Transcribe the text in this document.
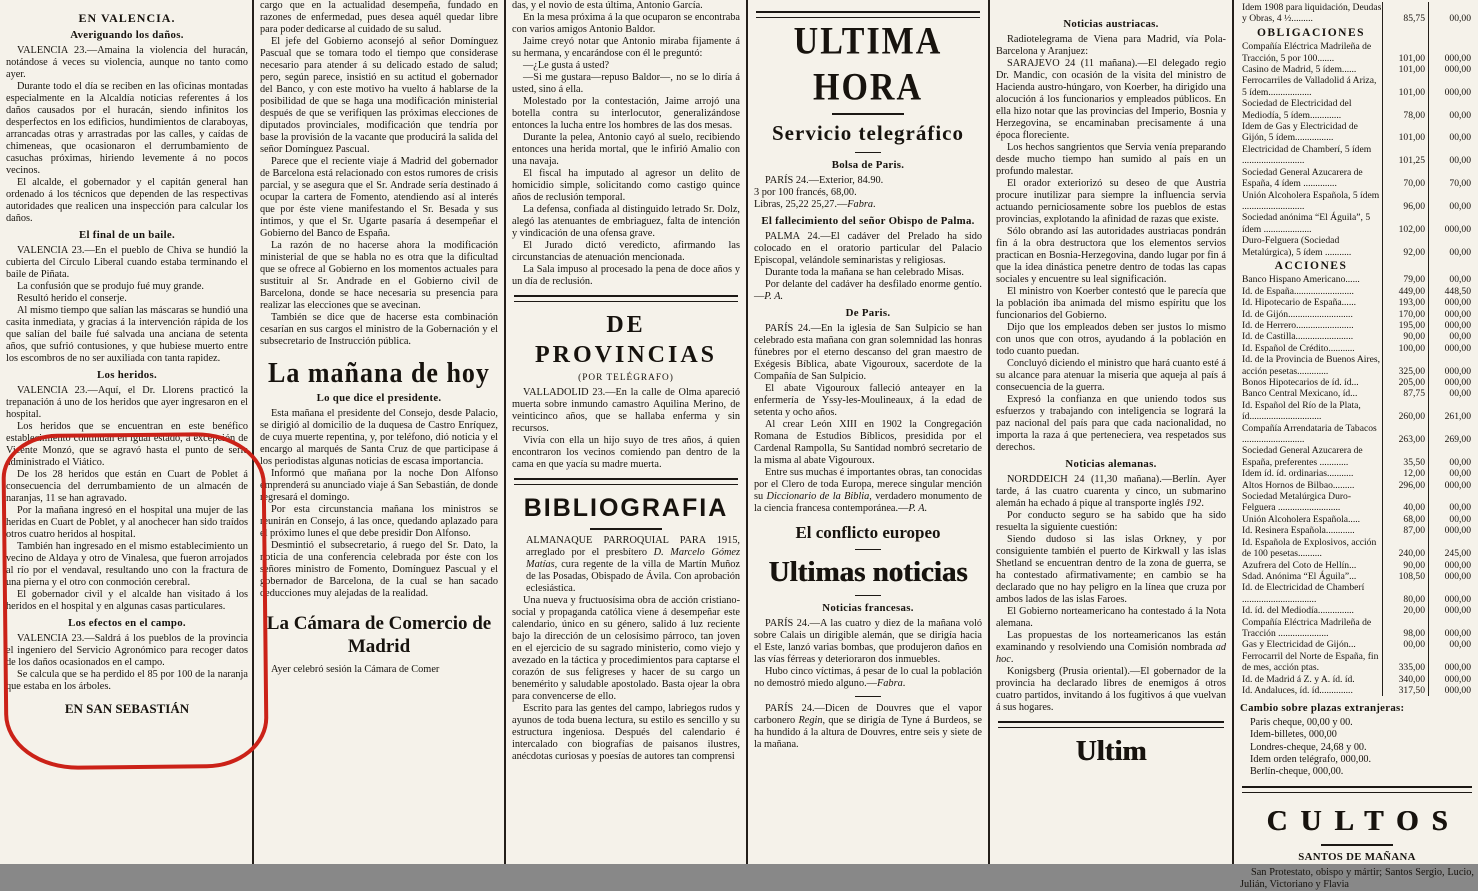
EN VALENCIA.
Averiguando los daños.

VALENCIA 23.—Amaina la violencia del huracán, notándose á veces su violencia, aunque no tanto como ayer.

Durante todo el día se reciben en las oficinas montadas especialmente en la Alcaldía noticias referentes á los daños causados por el huracán, siendo infinitos los desperfectos en los edificios, hundimientos de claraboyas, arrancadas otras y arrastradas por las calles, y caídas de chimeneas, que ocasionaron el derrumbamiento de casuchas próximas, hiriendo levemente á no pocos vecinos.

El alcalde, el gobernador y el capitán general han ordenado á los técnicos que dependen de las respectivas autoridades que realicen una inspección para calcular los daños.

El final de un baile.

VALENCIA 23.—En el pueblo de Chiva se hundió la cubierta del Círculo Liberal cuando estaba terminando el baile de Piñata.

La confusión que se produjo fué muy grande.

Resultó herido el conserje.

Al mismo tiempo que salían las máscaras se hundió una casita inmediata, y gracias á la intervención rápida de los que salían del baile fué salvada una anciana de setenta años, que sufrió contusiones, y que hubiese muerto entre los escombros de no ser auxiliada con tanta rapidez.

Los heridos.

VALENCIA 23.—Aquí, el Dr. Llorens practicó la trepanación á uno de los heridos que ayer ingresaron en el hospital.

Los heridos que se encuentran en este benéfico establecimiento continúan en igual estado, á excepción de Vicente Monzó, que se agravó hasta el punto de serle administrado el Viático.

De los 28 heridos que están en Cuart de Poblet á consecuencia del derrumbamiento de un almacén de naranjas, 11 se han agravado.

Por la mañana ingresó en el hospital una mujer de las heridas en Cuart de Poblet, y al anochecer han sido traídos otros cuatro heridos al hospital.

También han ingresado en el mismo establecimiento un vecino de Aldaya y otro de Vinalesa, que fueron arrojados al río por el vendaval, resultando uno con la fractura de una pierna y el otro con conmoción cerebral.

El gobernador civil y el alcalde han visitado á los heridos en el hospital y en algunas casas particulares.

Los efectos en el campo.

VALENCIA 23.—Saldrá á los pueblos de la provincia el ingeniero del Servicio Agronómico para recoger datos de los daños ocasionados en el campo.

Se calcula que se ha perdido el 85 por 100 de la naranja que estaba en los árboles.

EN SAN SEBASTIÁN

cargo que en la actualidad desempeña, fundado en razones de enfermedad, pues desea aquél quedar libre para poder dedicarse al cuidado de su salud.

El jefe del Gobierno aconsejó al señor Domínguez Pascual que se tomara todo el tiempo que considerase necesario para atender á su delicado estado de salud; pero, según parece, insistió en su actitud el gobernador del Banco, y con este motivo ha vuelto á hablarse de la posibilidad de que se haga una modificación ministerial después de que se verifiquen las próximas elecciones de diputados provinciales, modificación que tendría por base la provisión de la vacante que producirá la salida del señor Domínguez Pascual.

Parece que el reciente viaje á Madrid del gobernador de Barcelona está relacionado con estos rumores de crisis parcial, y se asegura que el Sr. Andrade sería destinado á ocupar la cartera de Fomento, atendiendo así al interés que por éste viene manifestando el Sr. Besada y sus íntimos, y que el Sr. Ugarte pasaría á desempeñar el Gobierno del Banco de España.

La razón de no hacerse ahora la modificación ministerial de que se habla no es otra que la dificultad que se ofrece al Gobierno en los momentos actuales para sustituir al Sr. Andrade en el Gobierno civil de Barcelona, donde se hace necesaria su presencia para realizar las elecciones que se avecinan.

También se dice que de hacerse esta combinación cesarían en sus cargos el ministro de la Gobernación y el subsecretario de Instrucción pública.

La mañana de hoy
Lo que dice el presidente.

Esta mañana el presidente del Consejo, desde Palacio, se dirigió al domicilio de la duquesa de Castro Enríquez, de cuya muerte repentina, y, por teléfono, dió noticia y el encargo al marqués de Santa Cruz de que participase á los periodistas algunas noticias de escasa importancia.

Informó que mañana por la noche Don Alfonso emprenderá su anunciado viaje á San Sebastián, de donde regresará el domingo.

Por esta circunstancia mañana los ministros se reunirán en Consejo, á las once, quedando aplazado para el próximo lunes el que debe presidir Don Alfonso.

Desmintió el subsecretario, á ruego del Sr. Dato, la noticia de una conferencia celebrada por éste con los señores ministro de Fomento, Domínguez Pascual y el gobernador de Barcelona, de la cual se han sacado deducciones muy alejadas de la realidad.

La Cámara de Comercio de Madrid

Ayer celebró sesión la Cámara de Comer

das, y el novio de esta última, Antonio García.

En la mesa próxima á la que ocuparon se encontraba con varios amigos Antonio Baldor.

Jaime creyó notar que Antonio miraba fijamente á su hermana, y encarándose con él le preguntó:

—¿Le gusta á usted?

—Si me gustara—repuso Baldor—, no se lo diría á usted, sino á ella.

Molestado por la contestación, Jaime arrojó una botella contra su interlocutor, generalizándose entonces la lucha entre los hombres de las dos mesas.

Durante la pelea, Antonio cayó al suelo, recibiendo entonces una herida mortal, que le infirió Amalio con una navaja.

El fiscal ha imputado al agresor un delito de homicidio simple, solicitando como castigo quince años de reclusión temporal.

La defensa, confiada al distinguido letrado Sr. Dolz, alegó las atenuantes de embriaguez, falta de intención y vindicación de una ofensa grave.

El Jurado dictó veredicto, afirmando las circunstancias de atenuación mencionada.

La Sala impuso al procesado la pena de doce años y un día de reclusión.

DE PROVINCIAS
(POR TELÉGRAFO)

VALLADOLID 23.—En la calle de Olma apareció muerta sobre inmundo camastro Aquilina Merino, de veinticinco años, que se hallaba enferma y sin recursos.

Vivía con ella un hijo suyo de tres años, á quien encontraron los vecinos comiendo pan dentro de la cama en que yacía su madre muerta.

BIBLIOGRAFIA

ALMANAQUE PARROQUIAL PARA 1915, arreglado por el presbítero D. Marcelo Gómez Matías, cura regente de la villa de Martín Muñoz de las Posadas, Obispado de Ávila. Con aprobación eclesiástica.

Una nueva y fructuosísima obra de acción cristiano-social y propaganda católica viene á desempeñar este calendario, único en su género, salido á luz reciente bajo la dirección de un celosísimo párroco, tan joven en el ejercicio de su sagrado ministerio, como viejo y avezado en la táctica y procedimientos para captarse el corazón de sus feligreses y hacer de su cargo un benemérito y saludable apostolado. Basta ojear la obra para convencerse de ello.

Escrito para las gentes del campo, labriegos rudos y ayunos de toda buena lectura, su estilo es sencillo y su estructura ingeniosa. Después del calendario é intercalado con biografías de paisanos ilustres, anécdotas curiosas y poesías de autores tan comprensi

ULTIMA HORA
Servicio telegráfico
Bolsa de Paris.

PARÍS 24.—Exterior, 84.90.

3 por 100 francés, 68,00.

Libras, 25,22 25,27.—Fabra.

El fallecimiento del señor Obispo de Palma.

PALMA 24.—El cadáver del Prelado ha sido colocado en el oratorio particular del Palacio Episcopal, velándole seminaristas y religiosas.

Durante toda la mañana se han celebrado Misas.

Por delante del cadáver ha desfilado enorme gentío.—P. A.

De Paris.

PARÍS 24.—En la iglesia de San Sulpicio se han celebrado esta mañana con gran solemnidad las honras fúnebres por el eterno descanso del gran maestro de Exégesis Bíblica, abate Vigouroux, sacerdote de la Compañía de San Sulpicio.

El abate Vigouroux falleció anteayer en la enfermería de Yssy-les-Moulineaux, á la edad de setenta y ocho años.

Al crear León XIII en 1902 la Congregación Romana de Estudios Bíblicos, presidida por el Cardenal Rampolla, Su Santidad nombró secretario de la misma al abate Vigouroux.

Entre sus muchas é importantes obras, tan conocidas por el Clero de toda Europa, merece singular mención su Diccionario de la Biblia, verdadero monumento de la ciencia francesa contemporánea.—P. A.

El conflicto europeo
Ultimas noticias
Noticias francesas.

PARÍS 24.—A las cuatro y diez de la mañana voló sobre Calais un dirigible alemán, que se dirigía hacia el Este, lanzó varias bombas, que produjeron daños en las vías férreas y deterioraron dos inmuebles.

Hubo cinco víctimas, á pesar de lo cual la población no demostró miedo alguno.—Fabra.

PARÍS 24.—Dicen de Douvres que el vapor carbonero Regin, que se dirigía de Tyne á Burdeos, se ha hundido á la altura de Douvres, entre seis y siete de la mañana.

Noticias austriacas.

Radiotelegrama de Viena para Madrid, vía Pola-Barcelona y Aranjuez:

SARAJEVO 24 (11 mañana).—El delegado regio Dr. Mandic, con ocasión de la visita del ministro de Hacienda austro-húngaro, von Koerber, ha dirigido una alocución á los funcionarios y empleados públicos. En ella hizo notar que las provincias del Imperio, Bosnia y Herzegovina, se encaminaban precisamente á una época floreciente.

Los hechos sangrientos que Servia venía preparando desde mucho tiempo han sumido al país en un profundo malestar.

El orador exteriorizó su deseo de que Austria procure inutilizar para siempre la influencia servia actuando perniciosamente sobre los pueblos de estas provincias, explotando la afinidad de razas que existe.

Sólo obrando así las autoridades austriacas pondrán fin á la obra destructora que los elementos servios practican en Bosnia-Herzegovina, dando lugar por fin á que la idea dinástica penetre dentro de todas las capas sociales y encuentre su leal significación.

El ministro von Koerber contestó que le parecía que la población iba animada del mismo espíritu que los funcionarios del Gobierno.

Dijo que los empleados deben ser justos lo mismo con unos que con otros, ayudando á la población en todo cuanto puedan.

Concluyó diciendo el ministro que hará cuanto esté á su alcance para atenuar la miseria que aqueja al país á consecuencia de la guerra.

Expresó la confianza en que uniendo todos sus esfuerzos y trabajando con inteligencia se logrará la paz nacional del país para que cada nacionalidad, no importa la raza á que perteneciera, vea respetados sus derechos.

Noticias alemanas.

NORDDEICH 24 (11,30 mañana).—Berlín. Ayer tarde, á las cuatro cuarenta y cinco, un submarino alemán ha echado á pique al transporte inglés 192.

Por conducto seguro se ha sabido que ha sido resuelta la siguiente cuestión:

Siendo dudoso si las islas Orkney, y por consiguiente también el puerto de Kirkwall y las islas Shetland se encuentran dentro de la zona de guerra, se ha contestado afirmativamente; en cambio se ha declarado que no hay peligro en la línea que cruza por ambos lados de las islas Faroes.

El Gobierno norteamericano ha contestado á la Nota alemana.

Las propuestas de los norteamericanos las están examinando y resolviendo una Comisión nombrada ad hoc.

Konigsberg (Prusia oriental).—El gobernador de la provincia ha declarado libres de enemigos á otros cuatro partidos, invitando á los fugitivos á que vuelvan á sus hogares.

Ultim
Idem 1908 para liquidación, Deudas y Obras, 4 ½.........	85,75	00,00
OBLIGACIONES
Compañía Eléctrica Madrileña de Tracción, 5 por 100.......	101,00	000,00
Casino de Madrid, 5 ídem......	101,00	000,00
Ferrocarriles de Valladolid á Ariza, 5 ídem..................	101,00	000,00
Sociedad de Electricidad del Mediodía, 5 ídem.............	78,00	00,00
Idem de Gas y Electricidad de Gijón, 5 ídem................	101,00	00,00
Electricidad de Chamberí, 5 ídem ..........................	101,25	00,00
Sociedad General Azucarera de España, 4 ídem ..............	70,00	70,00
Unión Alcoholera Española, 5 ídem ..........................	96,00	00,00
Sociedad anónima “El Águila”, 5 ídem ....................	102,00	000,00
Duro-Felguera (Sociedad Metalúrgica), 5 ídem ...........	92,00	00,00
ACCIONES
Banco Hispano Americano......	79,00	00,00
Id. de España.........................	449,00	448,50
Id. Hipotecario de España......	193,00	000,00
Id. de Gijón...........................	170,00	000,00
Id. de Herrero........................	195,00	000,00
Id. de Castilla........................	90,00	00,00
Id. Español de Crédito...........	100,00	000,00
Id. de la Provincia de Buenos Aires, acción pesetas.............	325,00	000,00
Bonos Hipotecarios de íd. íd...	205,00	000,00
Banco Central Mexicano, íd...	87,75	00,00
Id. Español del Río de la Plata, íd..............................	260,00	261,00
Compañía Arrendataria de Tabacos ..........................	263,00	269,00
Sociedad General Azucarera de España, preferentes ............	35,50	00,00
Idem íd. íd. ordinarias...........	12,00	00,00
Altos Hornos de Bilbao.........	296,00	000,00
Sociedad Metalúrgica Duro-Felguera ..........................	40,00	00,00
Unión Alcoholera Española.....	68,00	00,00
Id. Resinera Española............	87,00	000,00
Id. Española de Explosivos, acción de 100 pesetas..........	240,00	245,00
Azufrera del Coto de Hellín...	90,00	000,00
Sdad. Anónima “El Águila”...	108,50	000,00
Id. de Electricidad de Chamberí ...............................	80,00	000,00
Id. íd. del Mediodía...............	20,00	000,00
Compañía Eléctrica Madrileña de Tracción .....................	98,00	000,00
Gas y Electricidad de Gijón...	00,00	00,00
Ferrocarril del Norte de España, fin de mes, acción ptas.	335,00	000,00
Id. de Madrid á Z. y A. íd. íd.	340,00	000,00
Id. Andaluces, íd. íd..............	317,50	000,00
Cambio sobre plazas extranjeras:

Paris cheque, 00,00 y 00.

Idem-billetes, 000,00

Londres-cheque, 24,68 y 00.

Idem orden telégrafo, 000,00.

Berlín-cheque, 000,00.

CULTOS
SANTOS DE MAÑANA

San Protestato, obispo y mártir; Santos Sergio, Lucio, Julián, Victoriano y Flavia
